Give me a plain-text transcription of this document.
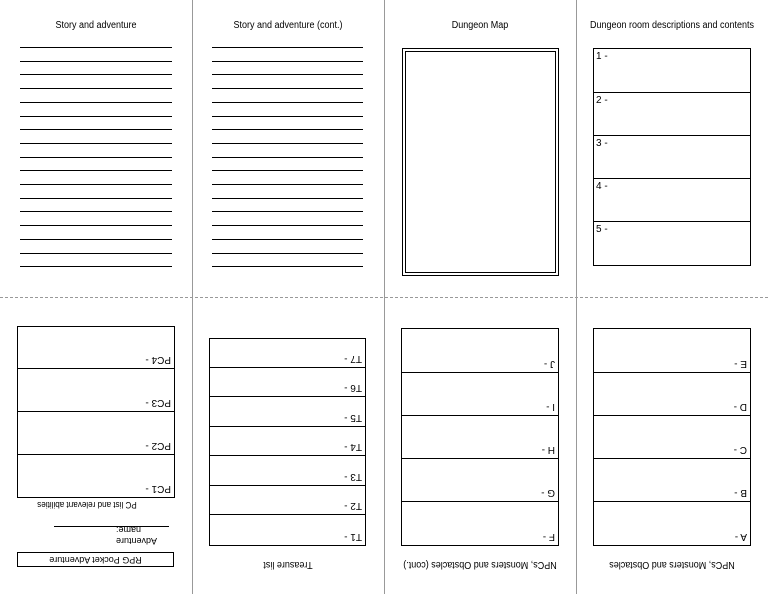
Story and adventure	Story and adventure (cont.)	Dungeon Map	Dungeon room descriptions and contents
1 -
2 -
3 -
4 -
5 -
RPG Pocket Adventure
Adventure name:
PC list and relevant abilities
PC1 -
PC2 -
PC3 -
PC4 -
Treasure list
T1 -
T2 -
T3 -
T4 -
T5 -
T6 -
T7 -
NPCs, Monsters and Obstacles (cont.)
F -
G -
H -
I -
J -
NPCs, Monsters and Obstacles
A -
B -
C -
D -
E -
